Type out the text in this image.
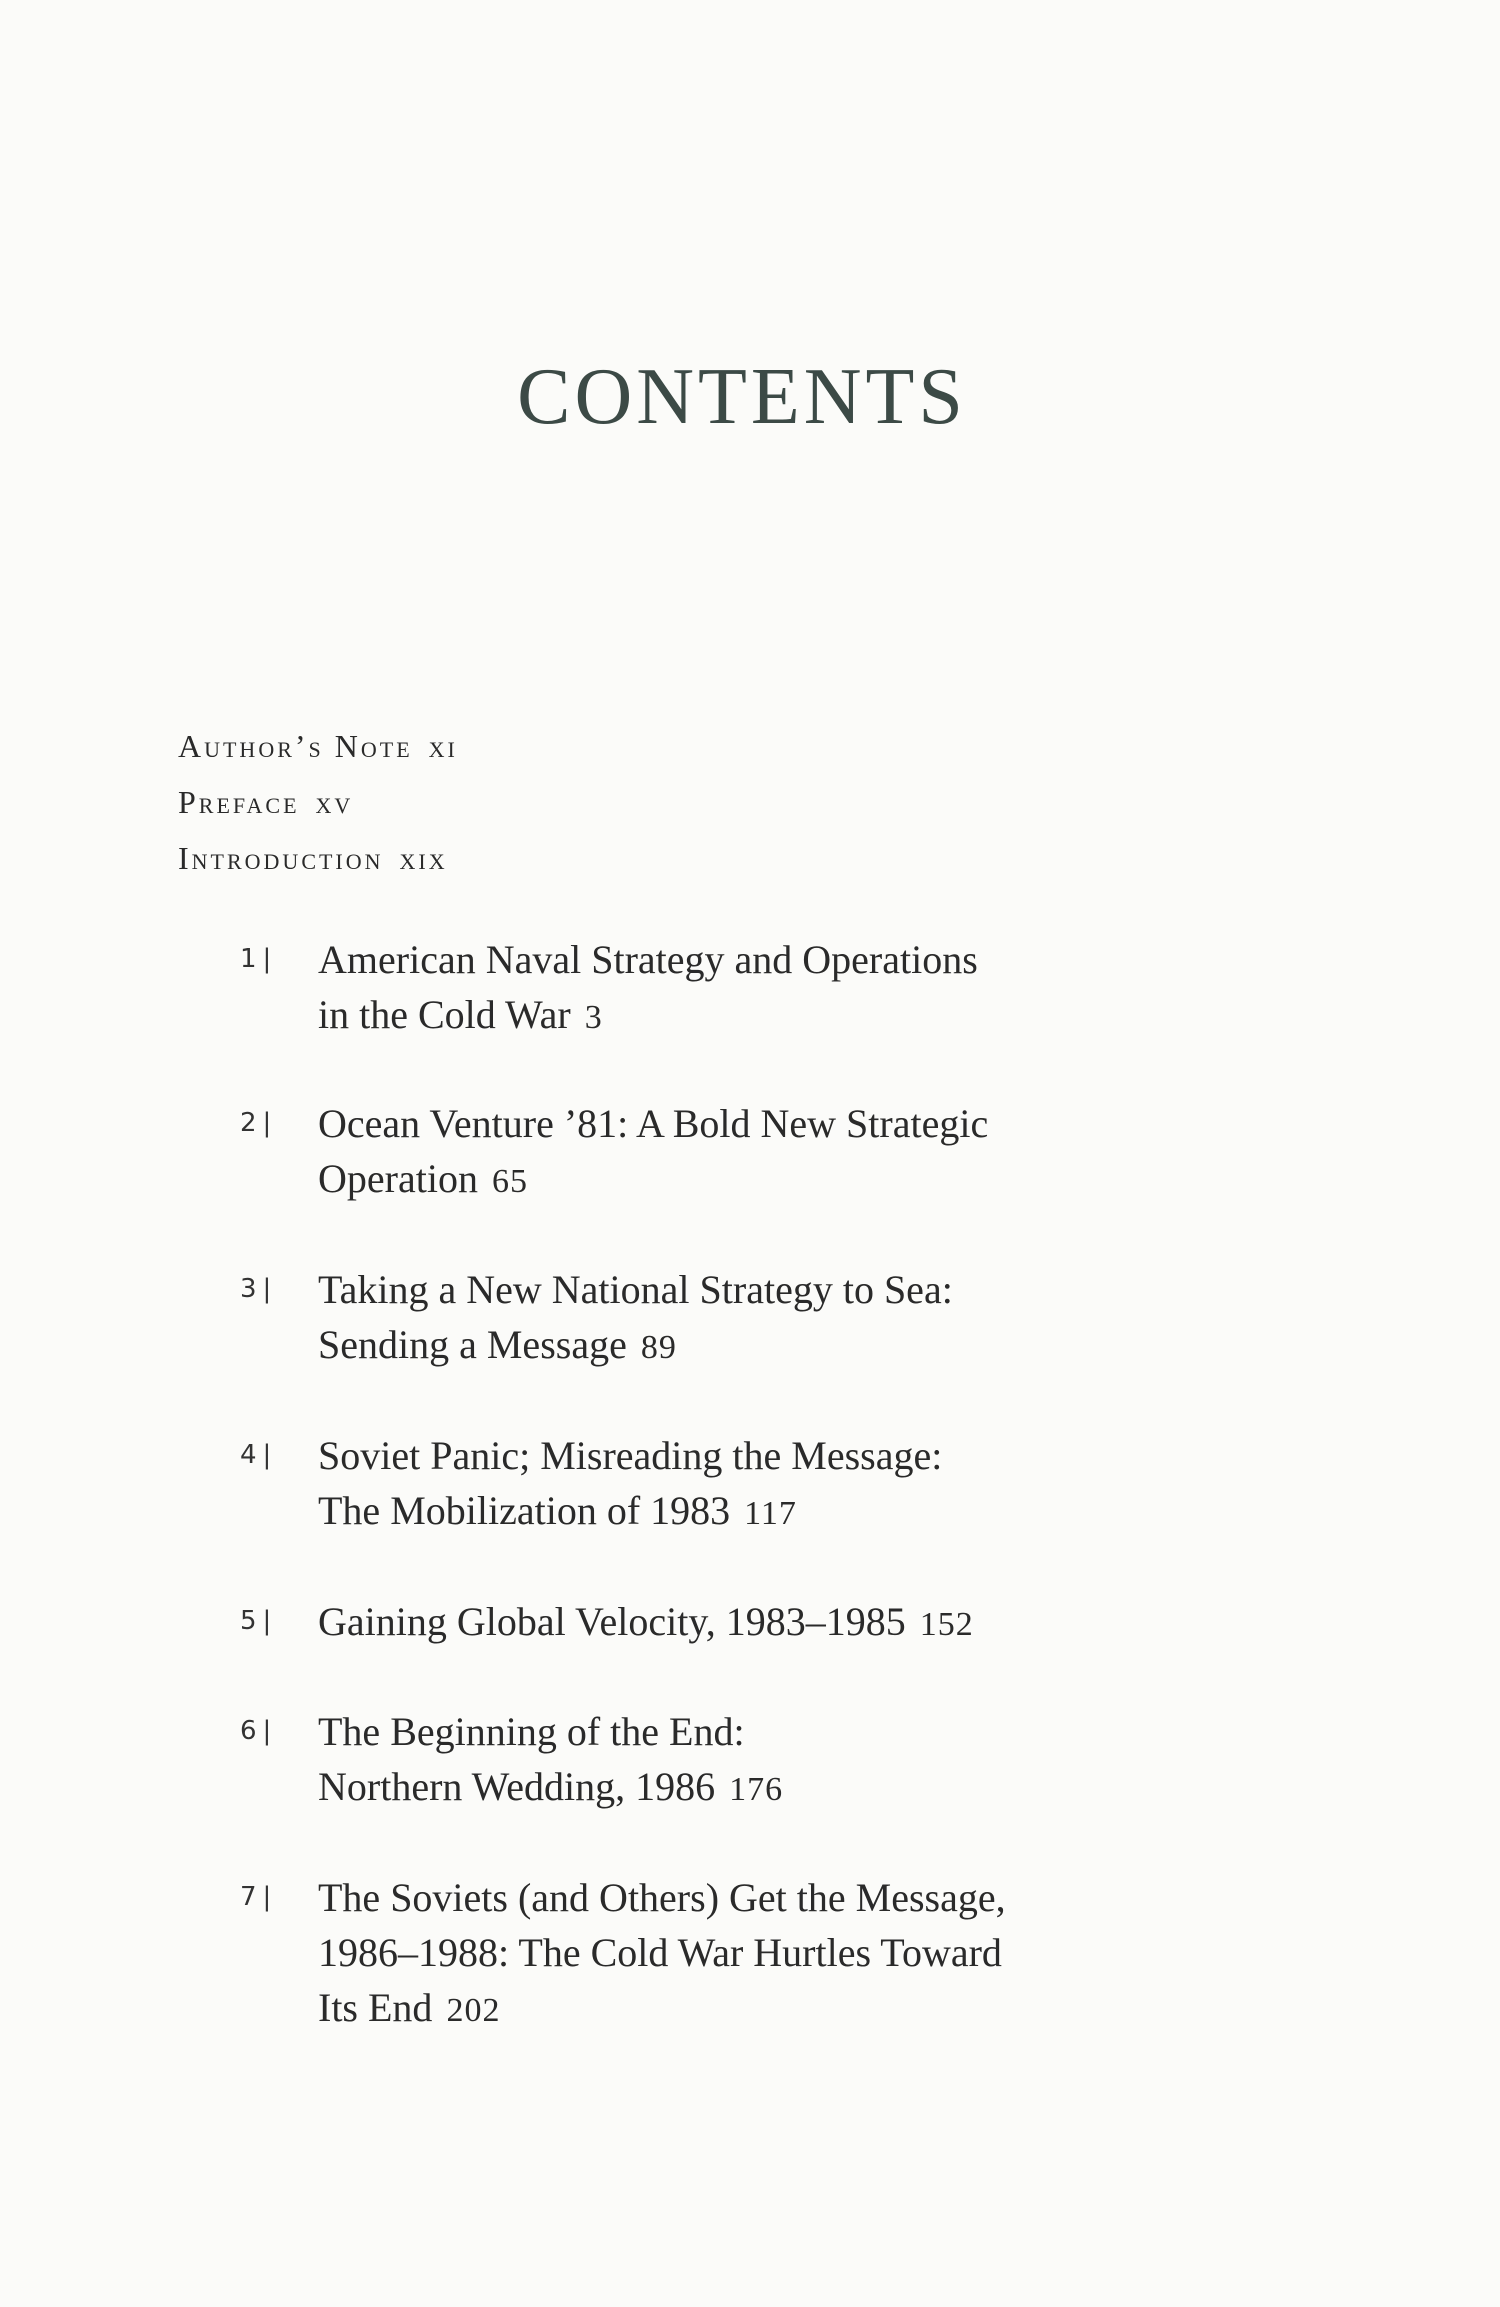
CONTENTS
Author’s Note xi
Preface xv
Introduction xix
1 | American Naval Strategy and Operations
in the Cold War 3
2 | Ocean Venture ’81: A Bold New Strategic
Operation 65
3 | Taking a New National Strategy to Sea:
Sending a Message 89
4 | Soviet Panic; Misreading the Message:
The Mobilization of 1983 117
5 | Gaining Global Velocity, 1983–1985 152
6 | The Beginning of the End:
Northern Wedding, 1986 176
7 | The Soviets (and Others) Get the Message,
1986–1988: The Cold War Hurtles Toward
Its End 202
